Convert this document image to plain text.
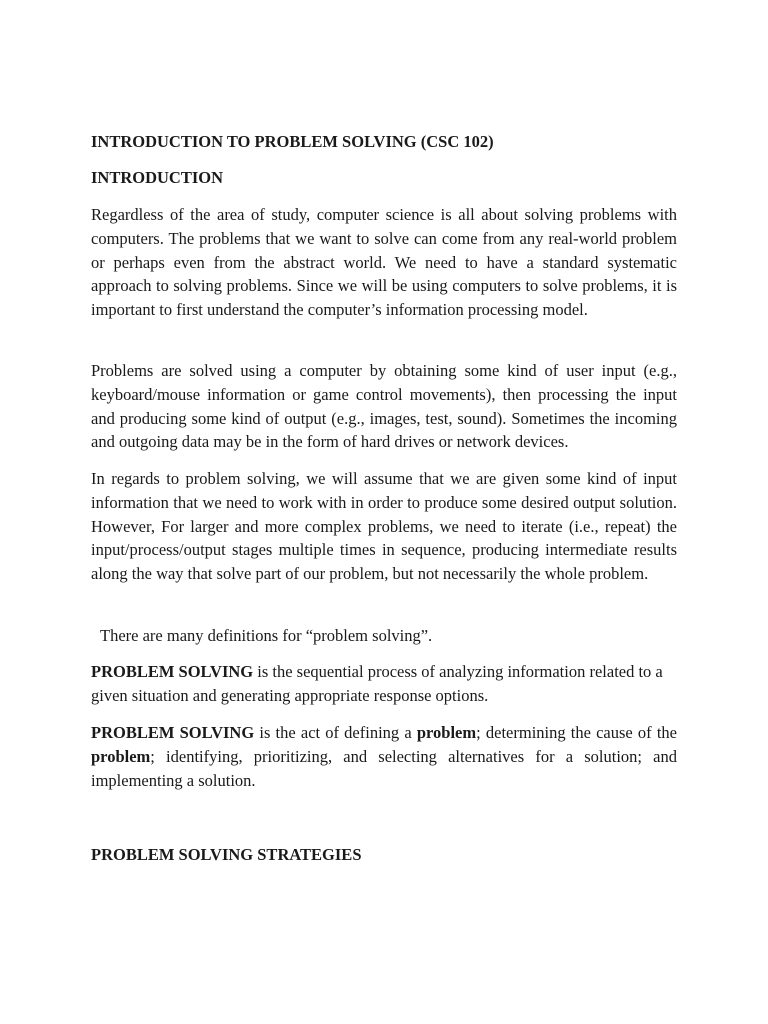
INTRODUCTION TO PROBLEM SOLVING (CSC 102)
INTRODUCTION

Regardless of the area of study, computer science is all about solving problems with computers. The problems that we want to solve can come from any real-world problem or perhaps even from the abstract world. We need to have a standard systematic approach to solving problems. Since we will be using computers to solve problems, it is important to first understand the computer’s information processing model.

Problems are solved using a computer by obtaining some kind of user input (e.g., keyboard/mouse information or game control movements), then processing the input and producing some kind of output (e.g., images, test, sound). Sometimes the incoming and outgoing data may be in the form of hard drives or network devices.

In regards to problem solving, we will assume that we are given some kind of input information that we need to work with in order to produce some desired output solution. However, For larger and more complex problems, we need to iterate (i.e., repeat) the input/process/output stages multiple times in sequence, producing intermediate results along the way that solve part of our problem, but not necessarily the whole problem.

There are many definitions for “problem solving”.

PROBLEM SOLVING is the sequential process of analyzing information related to a given situation and generating appropriate response options.

PROBLEM SOLVING is the act of defining a problem; determining the cause of the problem; identifying, prioritizing, and selecting alternatives for a solution; and implementing a solution.

PROBLEM SOLVING STRATEGIES
